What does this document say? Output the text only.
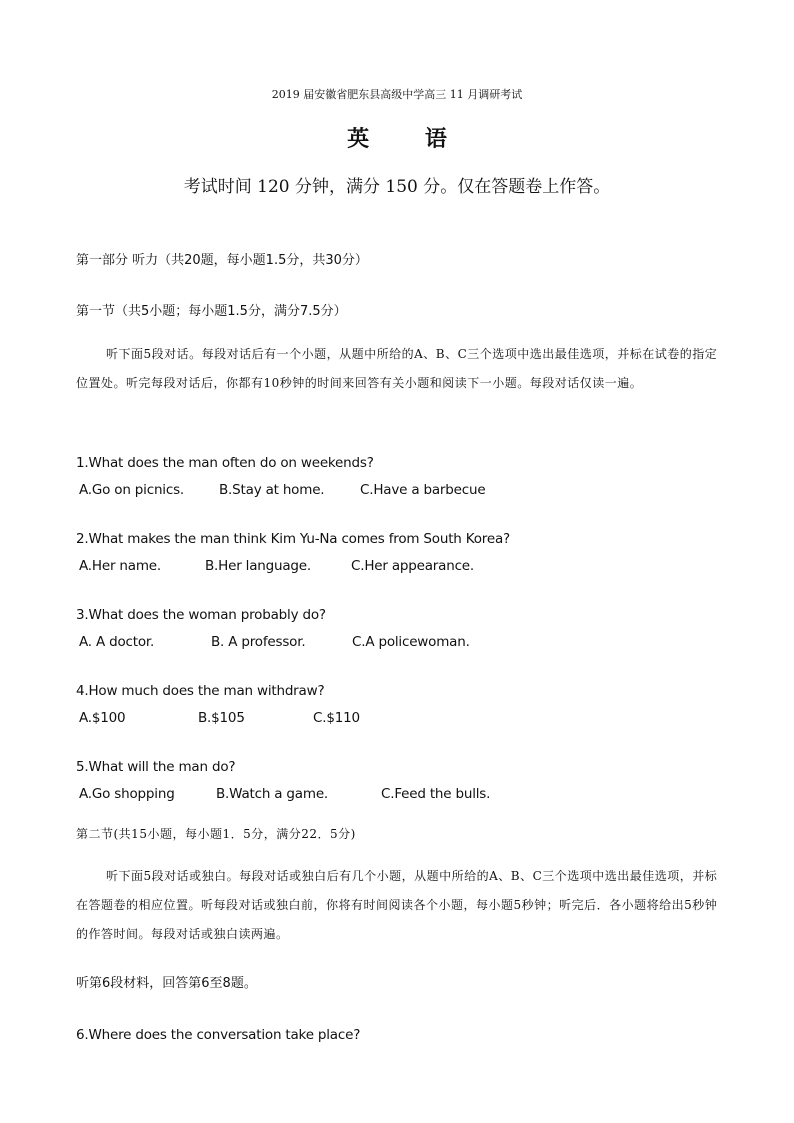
2019 届安徽省肥东县高级中学高三 11 月调研考试
英 语
考试时间 120 分钟，满分 150 分。仅在答题卷上作答。
第一部分 听力（共20题，每小题1.5分，共30分）
第一节（共5小题；每小题1.5分，满分7.5分）
听下面5段对话。每段对话后有一个小题，从题中所给的A、B、C三个选项中选出最佳选项，并标在试卷的指定位置处。听完每段对话后，你都有10秒钟的时间来回答有关小题和阅读下一小题。每段对话仅读一遍。
1.What does the man often do on weekends?
A.Go on picnics.	B.Stay at home.	C.Have a barbecue
2.What makes the man think Kim Yu-Na comes from South Korea?
A.Her name.	B.Her language.	C.Her appearance.
3.What does the woman probably do?
A. A doctor.	B. A professor.	C.A policewoman.
4.How much does the man withdraw?
A.$100	B.$105	C.$110
5.What will the man do?
A.Go shopping	B.Watch a game.	C.Feed the bulls.
第二节(共15小题，每小题1．5分，满分22．5分)
听下面5段对话或独白。每段对话或独白后有几个小题，从题中所给的A、B、C三个选项中选出最佳选项，并标在答题卷的相应位置。听每段对话或独白前，你将有时间阅读各个小题，每小题5秒钟；听完后．各小题将给出5秒钟的作答时间。每段对话或独白读两遍。
听第6段材料，回答第6至8题。
6.Where does the conversation take place?
